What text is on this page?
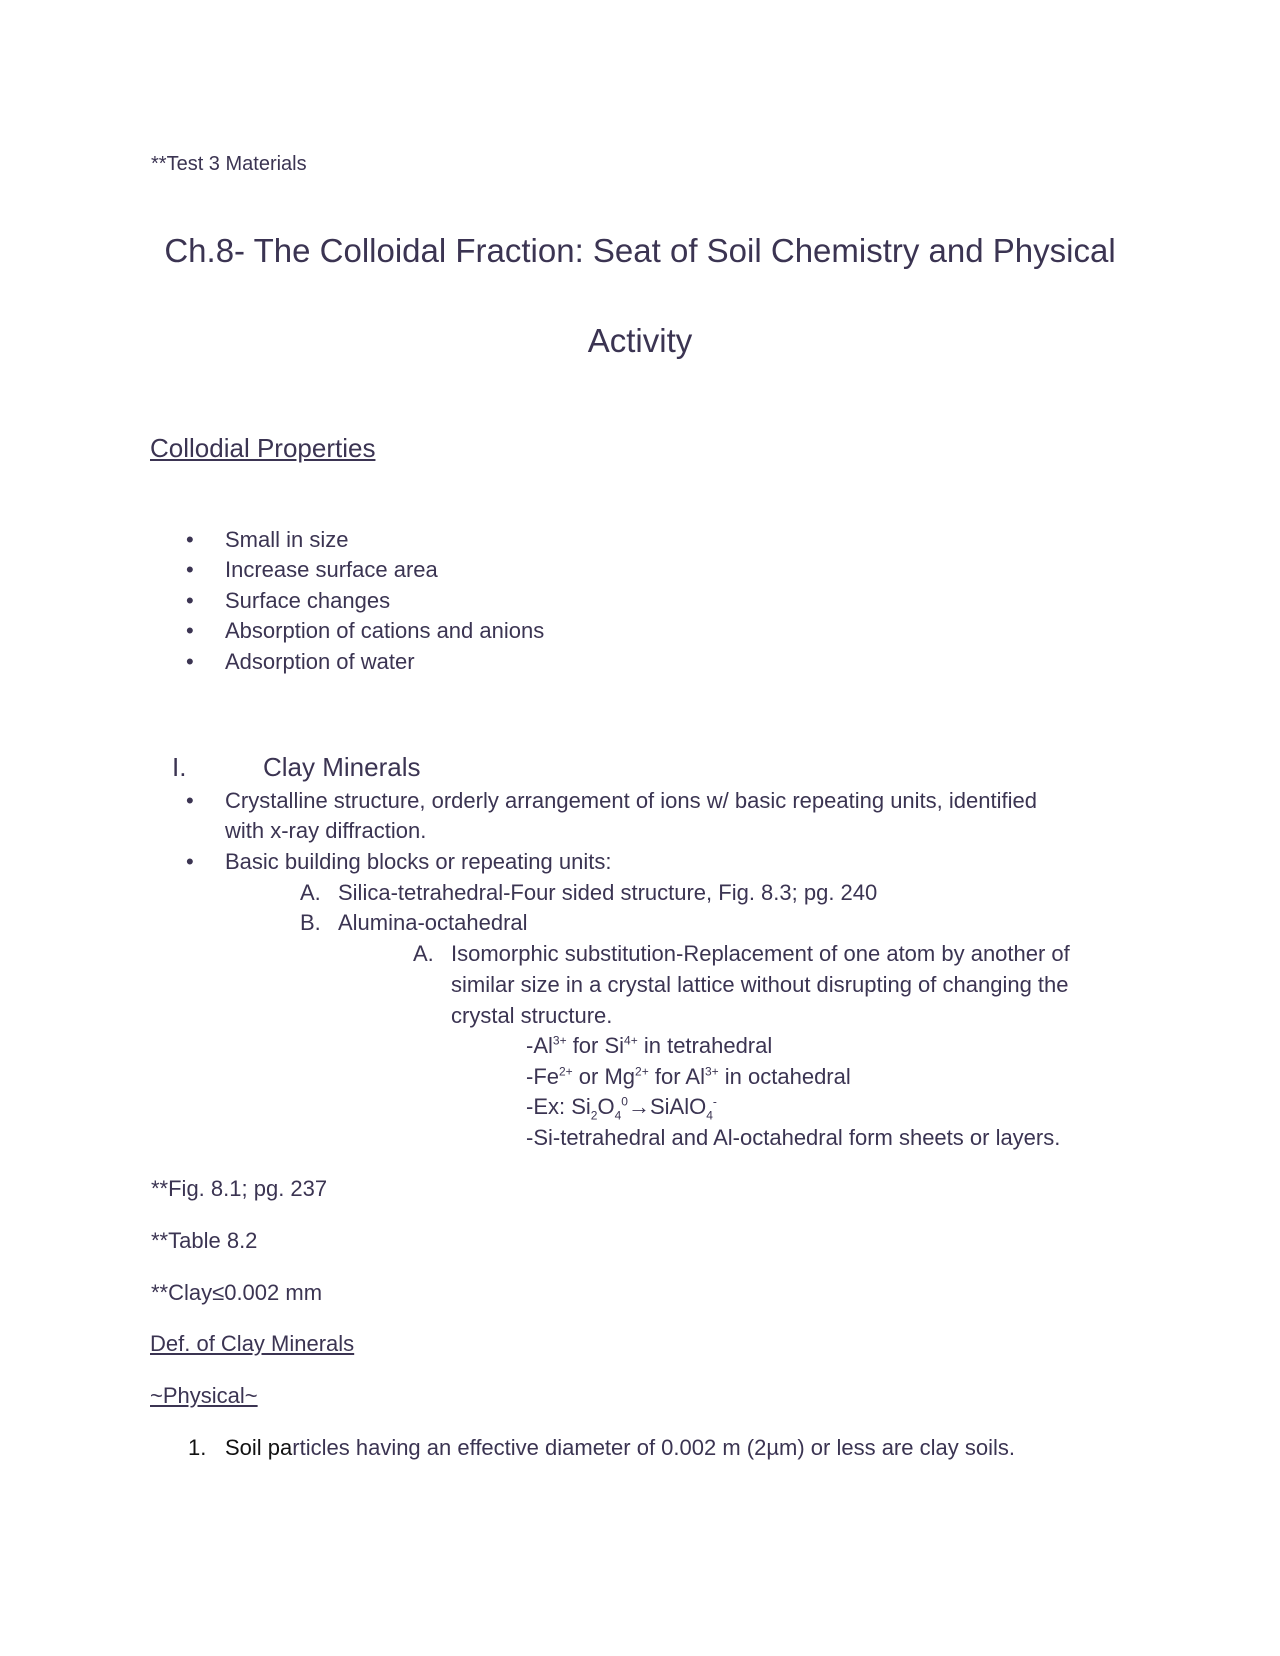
**Test 3 Materials
Ch.8- The Colloidal Fraction: Seat of Soil Chemistry and Physical
Activity
Collodial Properties
• Small in size
• Increase surface area
• Surface changes
• Absorption of cations and anions
• Adsorption of water
I.	Clay Minerals
• Crystalline structure, orderly arrangement of ions w/ basic repeating units, identified
with x-ray diffraction.
• Basic building blocks or repeating units:
A. Silica-tetrahedral-Four sided structure, Fig. 8.3; pg. 240
B. Alumina-octahedral
A. Isomorphic substitution-Replacement of one atom by another of
similar size in a crystal lattice without disrupting of changing the
crystal structure.
$-Al^{3+}$ for $Si^{4+}$ in tetrahedral
$-Fe^{2+}$ or $Mg^{2+}$ for $Al^{3+}$ in octahedral
-Ex: $Si_2O_4^0\to SiAlO_4^-$
-Si-tetrahedral and Al-octahedral form sheets or layers.
**Fig. 8.1; pg. 237
**Table 8.2
**Clay≤0.002 mm
Def. of Clay Minerals
~Physical~
1. Soil particles having an effective diameter of 0.002 m (2µm) or less are clay soils.
